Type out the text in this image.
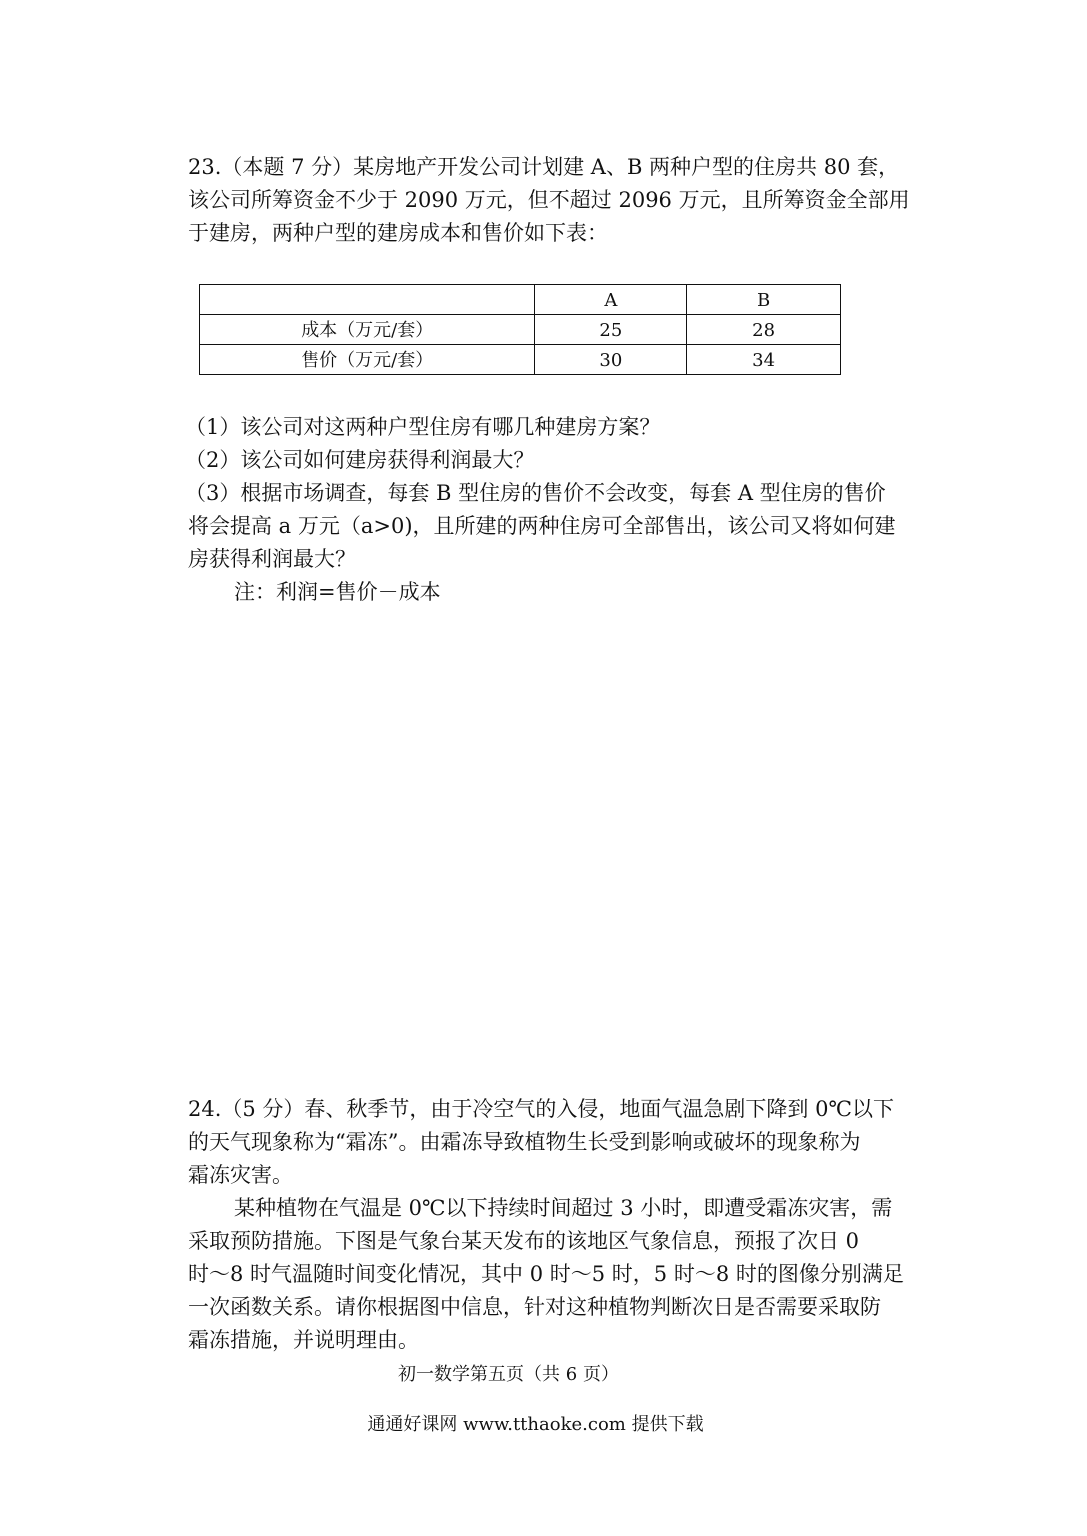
23.（本题 7 分）某房地产开发公司计划建 A、B 两种户型的住房共 80 套，
该公司所筹资金不少于 2090 万元，但不超过 2096 万元，且所筹资金全部用
于建房，两种户型的建房成本和售价如下表：
	A	B
成本（万元/套）	25	28
售价（万元/套）	30	34
（1）该公司对这两种户型住房有哪几种建房方案？
（2）该公司如何建房获得利润最大？
（3）根据市场调查，每套 B 型住房的售价不会改变，每套 A 型住房的售价
将会提高 a 万元（a>0)，且所建的两种住房可全部售出，该公司又将如何建
房获得利润最大？
注：利润=售价－成本
24.（5 分）春、秋季节，由于冷空气的入侵，地面气温急剧下降到 0℃以下
的天气现象称为“霜冻”。由霜冻导致植物生长受到影响或破坏的现象称为
霜冻灾害。
某种植物在气温是 0℃以下持续时间超过 3 小时，即遭受霜冻灾害，需
采取预防措施。下图是气象台某天发布的该地区气象信息，预报了次日 0
时～8 时气温随时间变化情况，其中 0 时～5 时，5 时～8 时的图像分别满足
一次函数关系。请你根据图中信息，针对这种植物判断次日是否需要采取防
霜冻措施，并说明理由。
初一数学第五页（共 6 页）
通通好课网 www.tthaoke.com 提供下载
